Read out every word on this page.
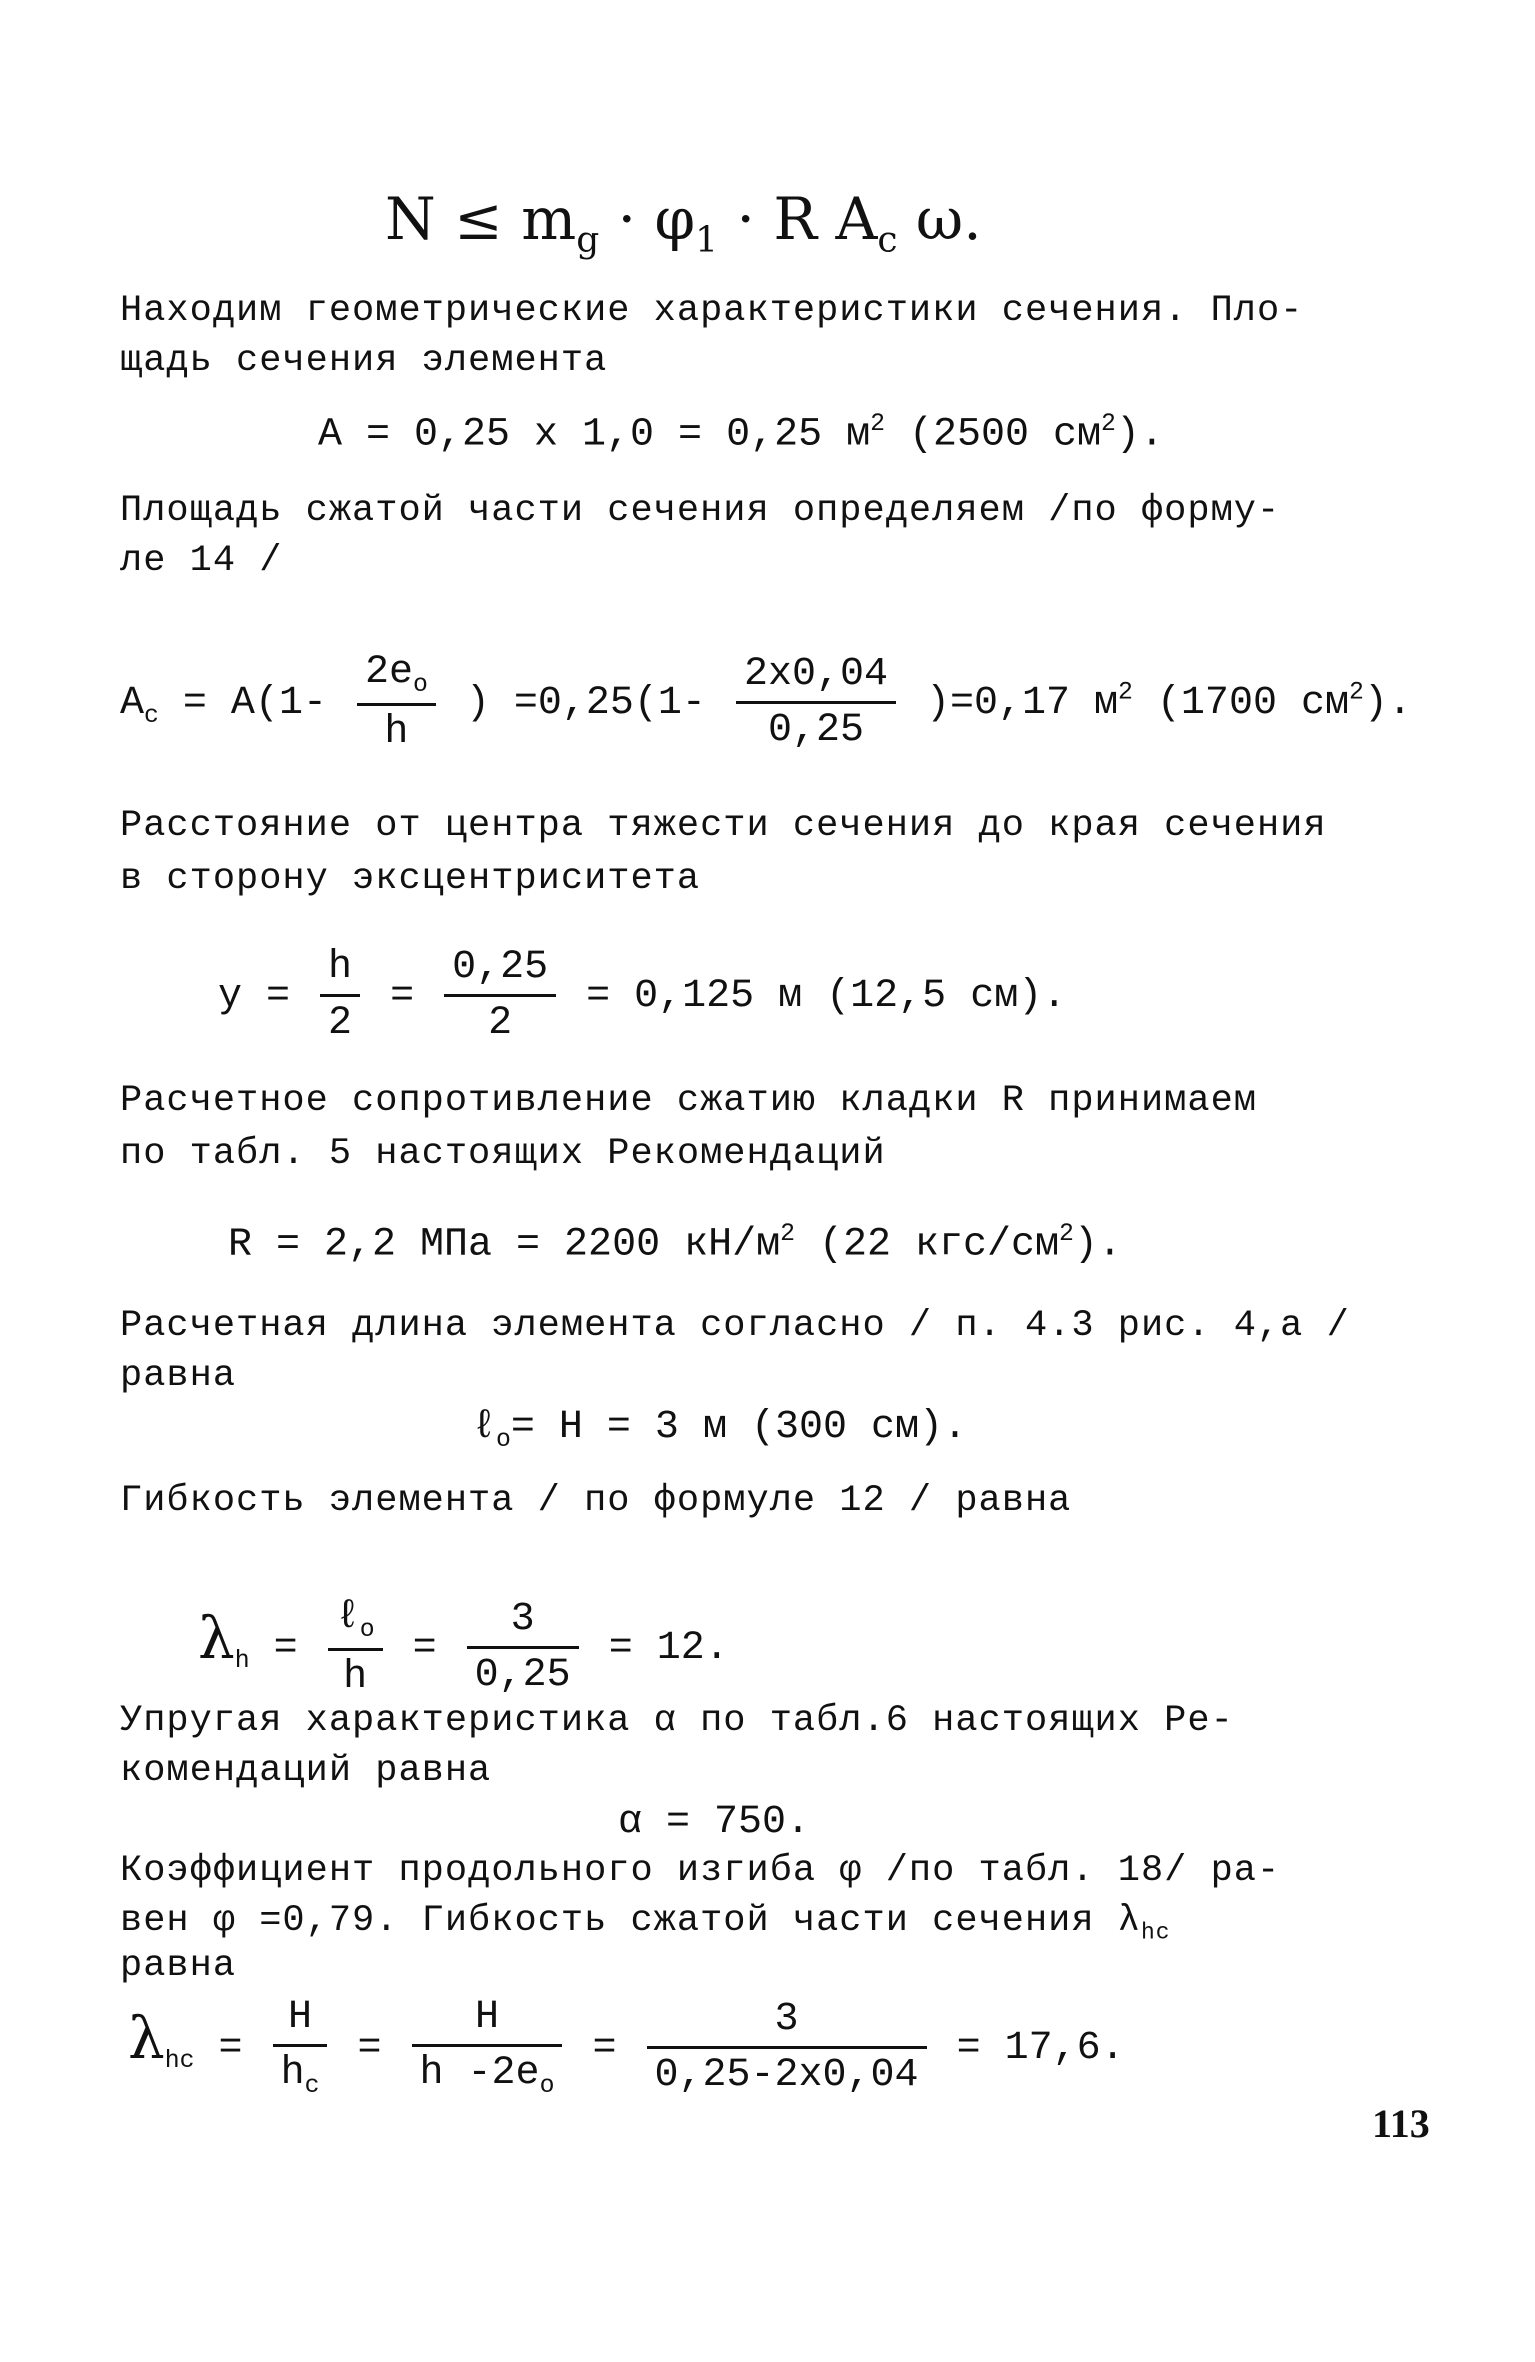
$N \le m_g \cdot \varphi_1 \cdot R$ $A_c$ ω.
Находим геометрические характеристики сечения. Пло-
щадь сечения элемента
A = 0,25 x 1,0 = 0,25 $м^2$ (2500 $см^2$).
Площадь сжатой части сечения определяем /по формy-
ле 14 /
$A_c = A(1- \frac{2e_o}{h}$ ) $=0,25(1- \frac{2x0,04}{0,25} )=0,17$ $м^2$ (1700 $см^2$).
Расстояние от центра тяжести сечения до края сечения
в сторону эксцентриситета
$y = \frac{h}{2} = \frac{0,25}{2} = 0,125$ м (12,5 см).
Расчетное сопротивление сжатию кладки R принимаем
по табл. 5 настоящих Рекомендаций
R = 2,2 МПа = 2200 $кН/м^2$ (22 кгс/$см^2$).
Расчетная длина элемента согласно / п. 4.3 рис. 4,а /
равна
ℓ$_o$= H = 3 м (300 см).
Гибкость элемента / по формуле 12 / равна
$\lambda_h = \frac{\ell_o}{h} = \frac{3}{0,25} = 12$.
Упругая характеристика α по табл.6 настоящих Ре-
комендаций равна
α = 750.
Коэффициент продольного изгиба φ /по табл. 18/ ра-
вен φ =0,79. Гибкость сжатой части сечения $\lambda_{hc}$
равна
$\lambda_{hc} = \frac{H}{h_c} = \frac{H}{h -2e_o} = \frac{3}{0,25-2x0,04} = 17,6$.
113
